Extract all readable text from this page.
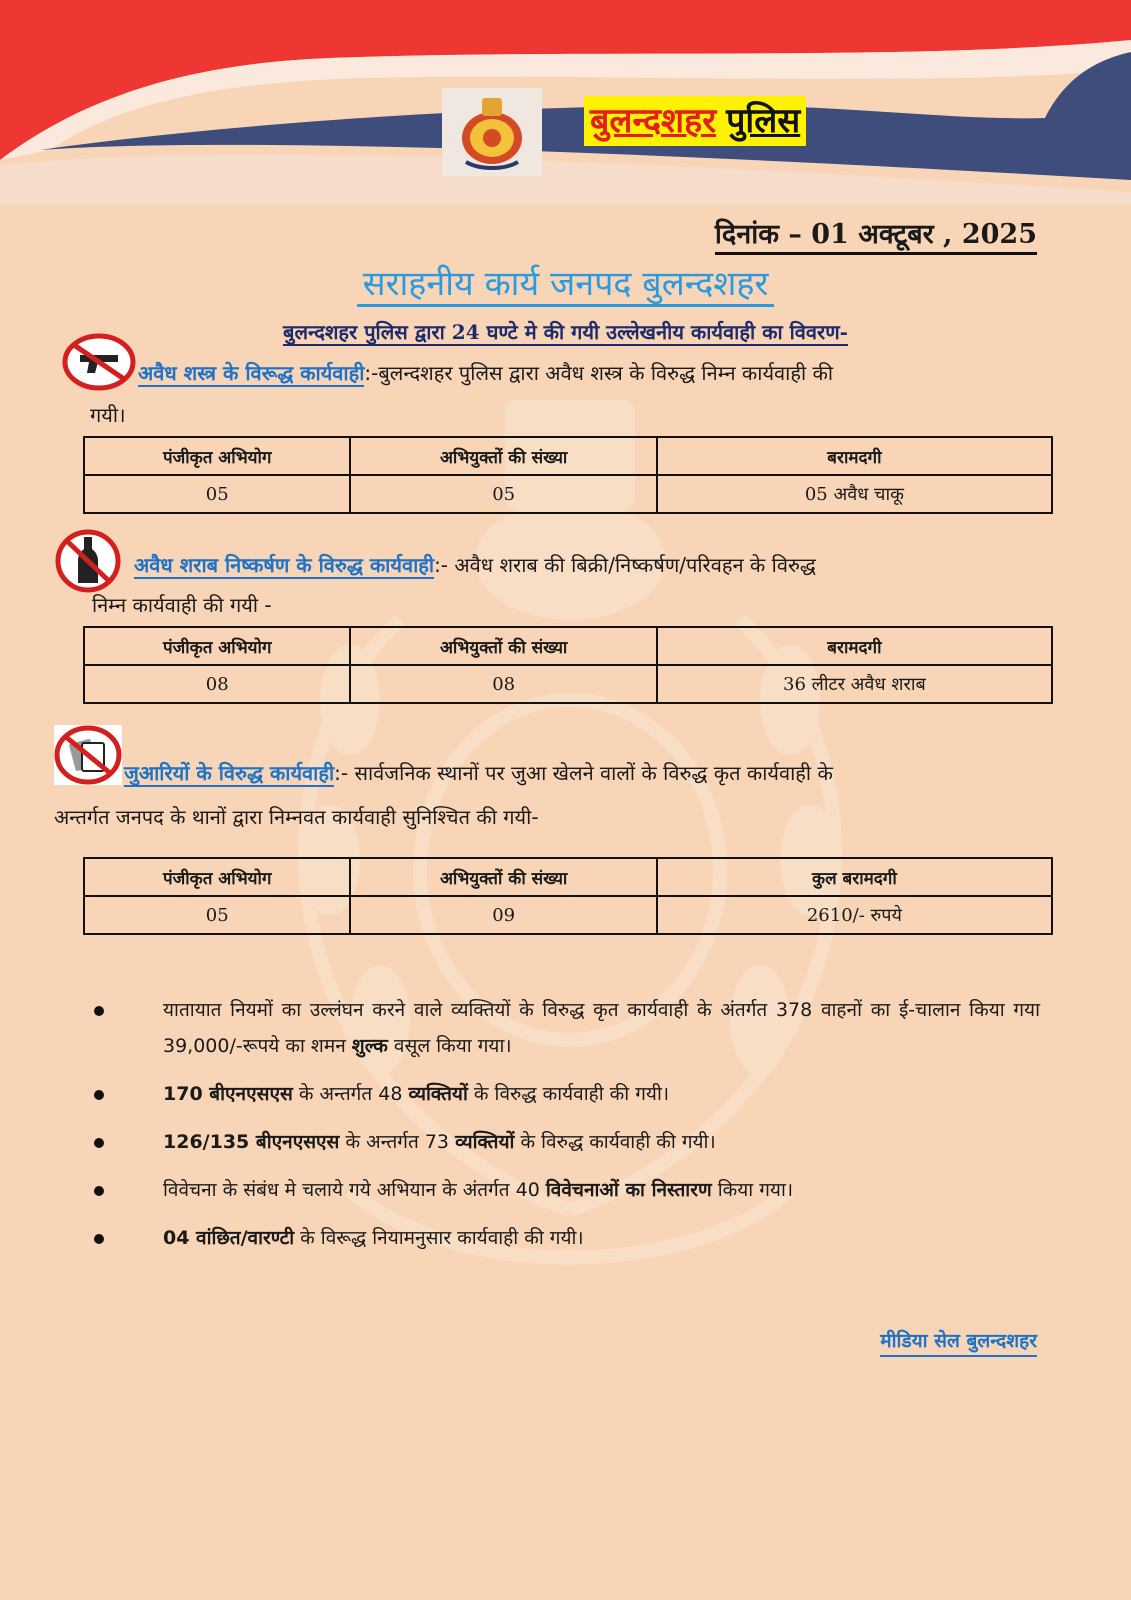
बुलन्दशहर पुलिस
दिनांक – 01 अक्टूबर , 2025
सराहनीय कार्य जनपद बुलन्दशहर
बुलन्दशहर पुलिस द्वारा 24 घण्टे मे की गयी उल्लेखनीय कार्यवाही का विवरण-
अवैध शस्त्र के विरूद्ध कार्यवाही:-बुलन्दशहर पुलिस द्वारा अवैध शस्त्र के विरुद्ध निम्न कार्यवाही की
गयी।
पंजीकृत अभियोग	अभियुक्तों की संख्या	बरामदगी
05	05	05 अवैध चाकू
अवैध शराब निष्कर्षण के विरुद्ध कार्यवाही:- अवैध शराब की बिक्री/निष्कर्षण/परिवहन के विरुद्ध
निम्न कार्यवाही की गयी -
पंजीकृत अभियोग	अभियुक्तों की संख्या	बरामदगी
08	08	36 लीटर अवैध शराब
जुआरियों के विरुद्ध कार्यवाही:- सार्वजनिक स्थानों पर जुआ खेलने वालों के विरुद्ध कृत कार्यवाही के
अन्तर्गत जनपद के थानों द्वारा निम्नवत कार्यवाही सुनिश्चित की गयी-
पंजीकृत अभियोग	अभियुक्तों की संख्या	कुल बरामदगी
05	09	2610/- रुपये
यातायात नियमों का उल्लंघन करने वाले व्यक्तियों के विरुद्ध कृत कार्यवाही के अंतर्गत 378 वाहनों का ई-चालान किया गया 39,000/-रूपये का शमन शुल्क वसूल किया गया।
170 बीएनएसएस के अन्तर्गत 48 व्यक्तियों के विरुद्ध कार्यवाही की गयी।
126/135 बीएनएसएस के अन्तर्गत 73 व्यक्तियों के विरुद्ध कार्यवाही की गयी।
विवेचना के संबंध मे चलाये गये अभियान के अंतर्गत 40 विवेचनाओं का निस्तारण किया गया।
04 वांछित/वारण्टी के विरूद्ध नियामनुसार कार्यवाही की गयी।
मीडिया सेल बुलन्दशहर
